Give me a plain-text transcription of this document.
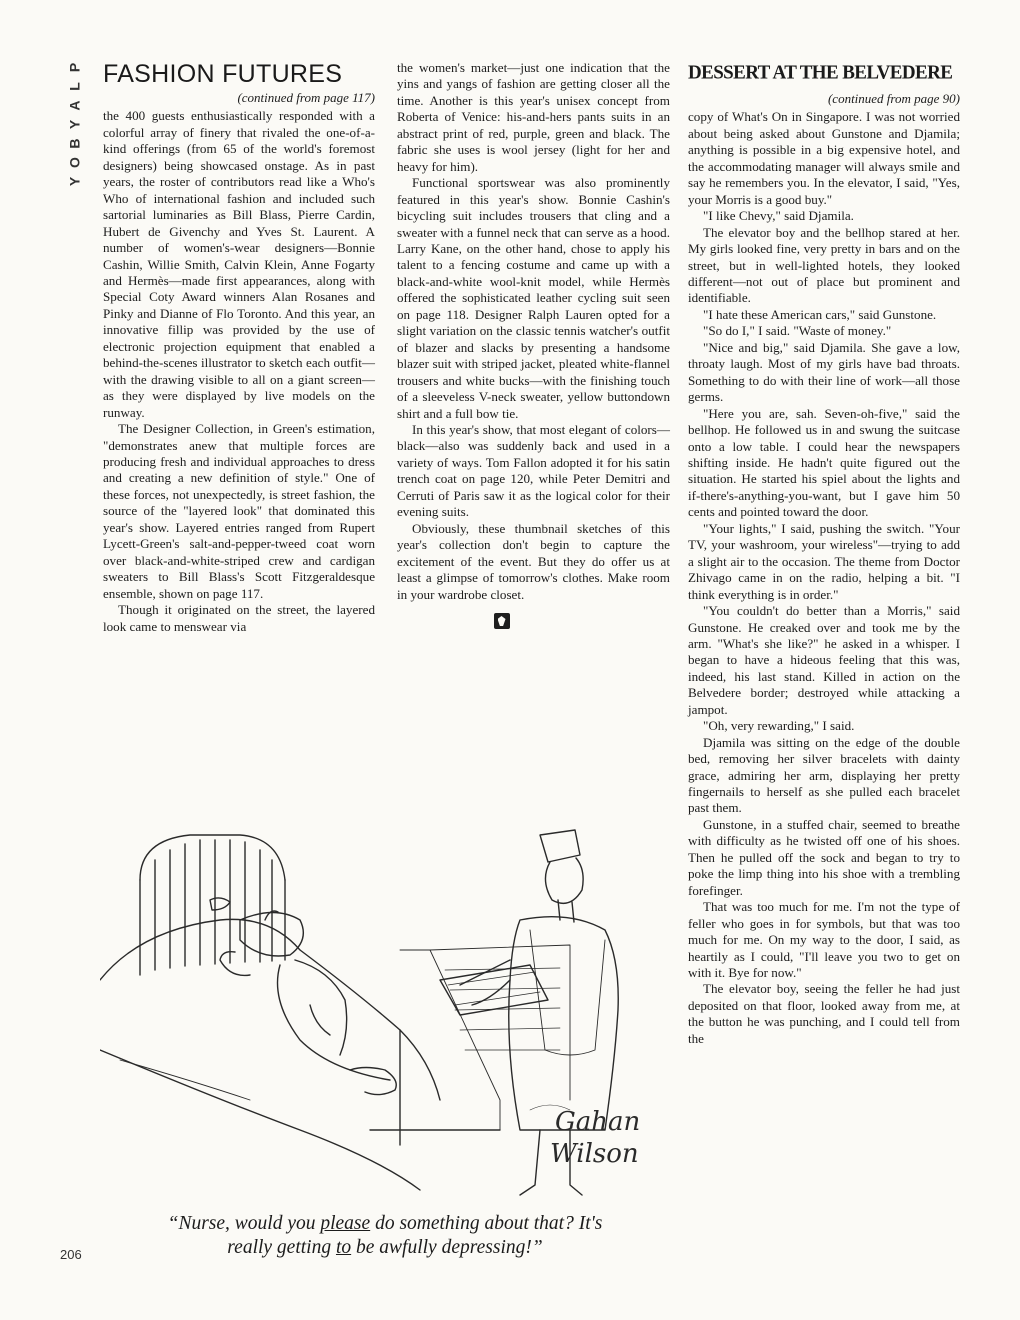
P
L
A
Y
B
O
Y
FASHION FUTURES
(continued from page 117)

the 400 guests enthusiastically responded with a colorful array of finery that rivaled the one-of-a-kind offerings (from 65 of the world's foremost designers) being showcased onstage. As in past years, the roster of contributors read like a Who's Who of international fashion and included such sartorial luminaries as Bill Blass, Pierre Cardin, Hubert de Givenchy and Yves St. Laurent. A number of women's-wear designers—Bonnie Cashin, Willie Smith, Calvin Klein, Anne Fogarty and Hermès—made first appearances, along with Special Coty Award winners Alan Rosanes and Pinky and Dianne of Flo Toronto. And this year, an innovative fillip was provided by the use of electronic projection equipment that enabled a behind-the-scenes illustrator to sketch each outfit—with the drawing visible to all on a giant screen—as they were displayed by live models on the runway.

The Designer Collection, in Green's estimation, "demonstrates anew that multiple forces are producing fresh and individual approaches to dress and creating a new definition of style." One of these forces, not unexpectedly, is street fashion, the source of the "layered look" that dominated this year's show. Layered entries ranged from Rupert Lycett-Green's salt-and-pepper-tweed coat worn over black-and-white-striped crew and cardigan sweaters to Bill Blass's Scott Fitzgeraldesque ensemble, shown on page 117.

Though it originated on the street, the layered look came to menswear via

the women's market—just one indication that the yins and yangs of fashion are getting closer all the time. Another is this year's unisex concept from Roberta of Venice: his-and-hers pants suits in an abstract print of red, purple, green and black. The fabric she uses is wool jersey (light for her and heavy for him).

Functional sportswear was also prominently featured in this year's show. Bonnie Cashin's bicycling suit includes trousers that cling and a sweater with a funnel neck that can serve as a hood. Larry Kane, on the other hand, chose to apply his talent to a fencing costume and came up with a black-and-white wool-knit model, while Hermès offered the sophisticated leather cycling suit seen on page 118. Designer Ralph Lauren opted for a slight variation on the classic tennis watcher's outfit of blazer and slacks by presenting a handsome blazer suit with striped jacket, pleated white-flannel trousers and white bucks—with the finishing touch of a sleeveless V-neck sweater, yellow buttondown shirt and a full bow tie.

In this year's show, that most elegant of colors—black—also was suddenly back and used in a variety of ways. Tom Fallon adopted it for his satin trench coat on page 120, while Peter Demitri and Cerruti of Paris saw it as the logical color for their evening suits.

Obviously, these thumbnail sketches of this year's collection don't begin to capture the excitement of the event. But they do offer us at least a glimpse of tomorrow's clothes. Make room in your wardrobe closet.

DESSERT AT THE BELVEDERE
(continued from page 90)

copy of What's On in Singapore. I was not worried about being asked about Gunstone and Djamila; anything is possible in a big expensive hotel, and the accommodating manager will always smile and say he remembers you. In the elevator, I said, "Yes, your Morris is a good buy."

"I like Chevy," said Djamila.

The elevator boy and the bellhop stared at her. My girls looked fine, very pretty in bars and on the street, but in well-lighted hotels, they looked different—not out of place but prominent and identifiable.

"I hate these American cars," said Gunstone.

"So do I," I said. "Waste of money."

"Nice and big," said Djamila. She gave a low, throaty laugh. Most of my girls have bad throats. Something to do with their line of work—all those germs.

"Here you are, sah. Seven-oh-five," said the bellhop. He followed us in and swung the suitcase onto a low table. I could hear the newspapers shifting inside. He hadn't quite figured out the situation. He started his spiel about the lights and if-there's-anything-you-want, but I gave him 50 cents and pointed toward the door.

"Your lights," I said, pushing the switch. "Your TV, your washroom, your wireless"—trying to add a slight air to the occasion. The theme from Doctor Zhivago came in on the radio, helping a bit. "I think everything is in order."

"You couldn't do better than a Morris," said Gunstone. He creaked over and took me by the arm. "What's she like?" he asked in a whisper. I began to have a hideous feeling that this was, indeed, his last stand. Killed in action on the Belvedere border; destroyed while attacking a jampot.

"Oh, very rewarding," I said.

Djamila was sitting on the edge of the double bed, removing her silver bracelets with dainty grace, admiring her arm, displaying her pretty fingernails to herself as she pulled each bracelet past them.

Gunstone, in a stuffed chair, seemed to breathe with difficulty as he twisted off one of his shoes. Then he pulled off the sock and began to try to poke the limp thing into his shoe with a trembling forefinger.

That was too much for me. I'm not the type of feller who goes in for symbols, but that was too much for me. On my way to the door, I said, as heartily as I could, "I'll leave you two to get on with it. Bye for now."

The elevator boy, seeing the feller he had just deposited on that floor, looked away from me, at the button he was punching, and I could tell from the

Gahan
Wilson
“Nurse, would you please do something about that? It's really getting to be awfully depressing!”
206
